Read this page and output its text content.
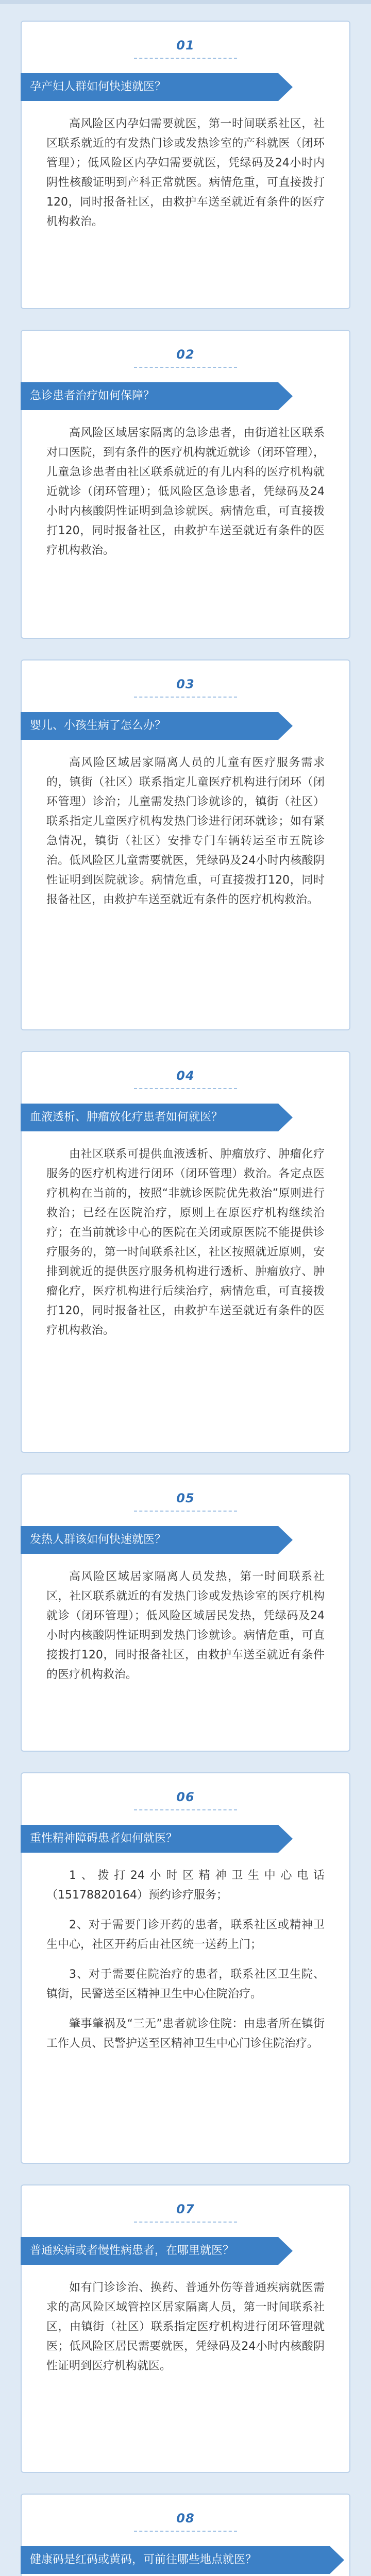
01
孕产妇人群如何快速就医？

高风险区内孕妇需要就医，第一时间联系社区，社区联系就近的有发热门诊或发热诊室的产科就医（闭环管理）；低风险区内孕妇需要就医，凭绿码及24小时内阴性核酸证明到产科正常就医。病情危重，可直接拨打120，同时报备社区，由救护车送至就近有条件的医疗机构救治。

02
急诊患者治疗如何保障？

高风险区域居家隔离的急诊患者，由街道社区联系对口医院，到有条件的医疗机构就近就诊（闭环管理），儿童急诊患者由社区联系就近的有儿内科的医疗机构就近就诊（闭环管理）；低风险区急诊患者，凭绿码及24小时内核酸阴性证明到急诊就医。病情危重，可直接拨打120，同时报备社区，由救护车送至就近有条件的医疗机构救治。

03
婴儿、小孩生病了怎么办？

高风险区域居家隔离人员的儿童有医疗服务需求的，镇街（社区）联系指定儿童医疗机构进行闭环（闭环管理）诊治；儿童需发热门诊就诊的，镇街（社区）联系指定儿童医疗机构发热门诊进行闭环就诊；如有紧急情况，镇街（社区）安排专门车辆转运至市五院诊治。低风险区儿童需要就医，凭绿码及24小时内核酸阴性证明到医院就诊。病情危重，可直接拨打120，同时报备社区，由救护车送至就近有条件的医疗机构救治。

04
血液透析、肿瘤放化疗患者如何就医？

由社区联系可提供血液透析、肿瘤放疗、肿瘤化疗服务的医疗机构进行闭环（闭环管理）救治。各定点医疗机构在当前的，按照“非就诊医院优先救治”原则进行救治；已经在医院治疗，原则上在原医疗机构继续治疗；在当前就诊中心的医院在关闭或原医院不能提供诊疗服务的，第一时间联系社区，社区按照就近原则，安排到就近的提供医疗服务机构进行透析、肿瘤放疗、肿瘤化疗，医疗机构进行后续治疗，病情危重，可直接拨打120，同时报备社区，由救护车送至就近有条件的医疗机构救治。

05
发热人群该如何快速就医？

高风险区域居家隔离人员发热，第一时间联系社区，社区联系就近的有发热门诊或发热诊室的医疗机构就诊（闭环管理）；低风险区域居民发热，凭绿码及24小时内核酸阴性证明到发热门诊就诊。病情危重，可直接拨打120，同时报备社区，由救护车送至就近有条件的医疗机构救治。

06
重性精神障碍患者如何就医？

1、拨打24小时区精神卫生中心电话（15178820164）预约诊疗服务；

2、对于需要门诊开药的患者，联系社区或精神卫生中心，社区开药后由社区统一送药上门；

3、对于需要住院治疗的患者，联系社区卫生院、镇街，民警送至区精神卫生中心住院治疗。

肇事肇祸及“三无”患者就诊住院：由患者所在镇街工作人员、民警护送至区精神卫生中心门诊住院治疗。

07
普通疾病或者慢性病患者，在哪里就医？

如有门诊诊治、换药、普通外伤等普通疾病就医需求的高风险区域管控区居家隔离人员，第一时间联系社区，由镇街（社区）联系指定医疗机构进行闭环管理就医；低风险区居民需要就医，凭绿码及24小时内核酸阴性证明到医疗机构就医。

08
健康码是红码或黄码，可前往哪些地点就医？
